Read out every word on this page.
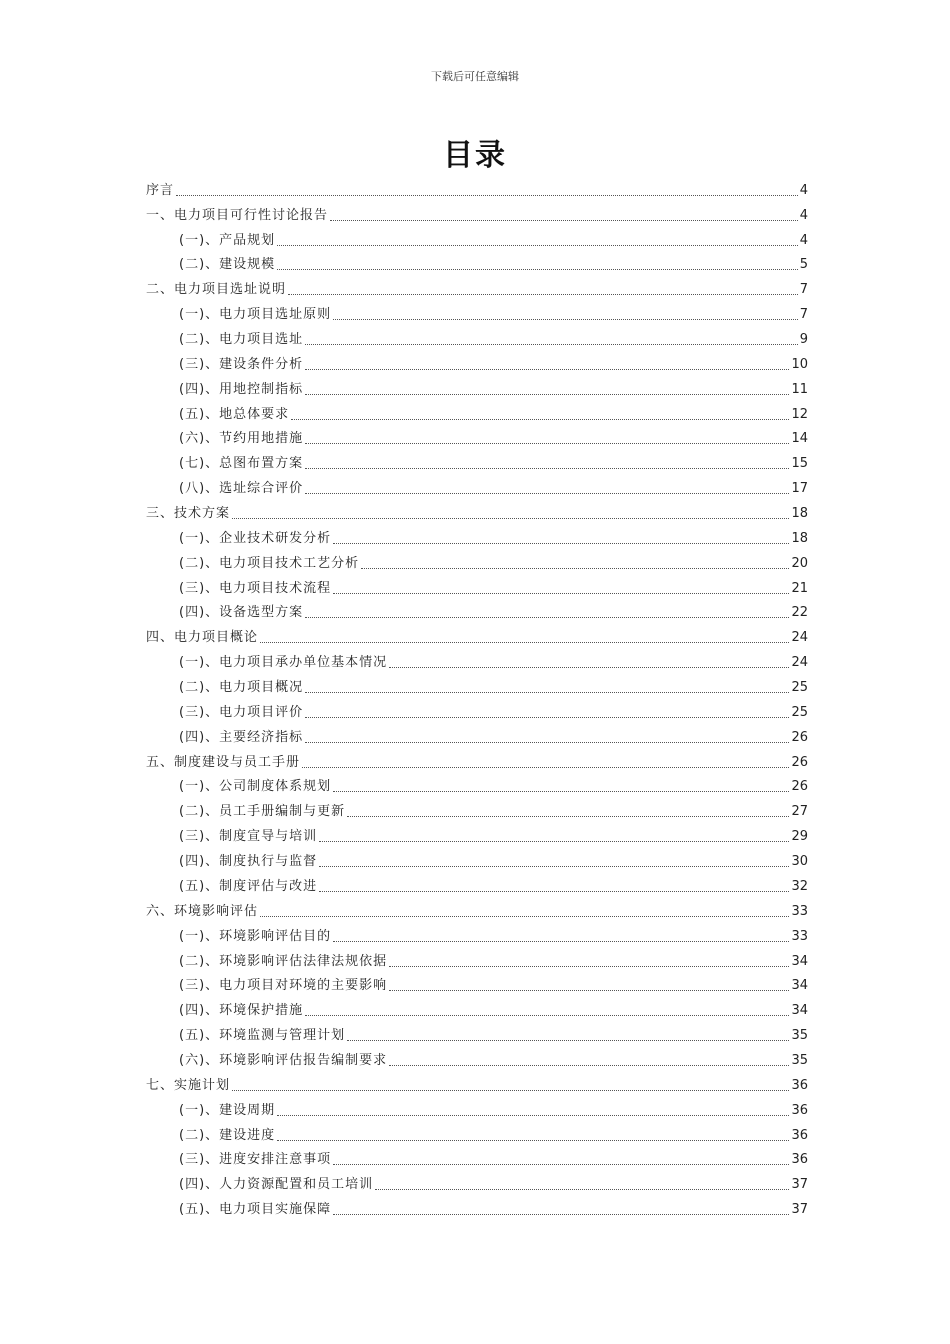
下载后可任意编辑
目录
序言	4
一、电力项目可行性讨论报告	4
(一)、产品规划	4
(二)、建设规模	5
二、电力项目选址说明	7
(一)、电力项目选址原则	7
(二)、电力项目选址	9
(三)、建设条件分析	10
(四)、用地控制指标	11
(五)、地总体要求	12
(六)、节约用地措施	14
(七)、总图布置方案	15
(八)、选址综合评价	17
三、技术方案	18
(一)、企业技术研发分析	18
(二)、电力项目技术工艺分析	20
(三)、电力项目技术流程	21
(四)、设备选型方案	22
四、电力项目概论	24
(一)、电力项目承办单位基本情况	24
(二)、电力项目概况	25
(三)、电力项目评价	25
(四)、主要经济指标	26
五、制度建设与员工手册	26
(一)、公司制度体系规划	26
(二)、员工手册编制与更新	27
(三)、制度宣导与培训	29
(四)、制度执行与监督	30
(五)、制度评估与改进	32
六、环境影响评估	33
(一)、环境影响评估目的	33
(二)、环境影响评估法律法规依据	34
(三)、电力项目对环境的主要影响	34
(四)、环境保护措施	34
(五)、环境监测与管理计划	35
(六)、环境影响评估报告编制要求	35
七、实施计划	36
(一)、建设周期	36
(二)、建设进度	36
(三)、进度安排注意事项	36
(四)、人力资源配置和员工培训	37
(五)、电力项目实施保障	37
